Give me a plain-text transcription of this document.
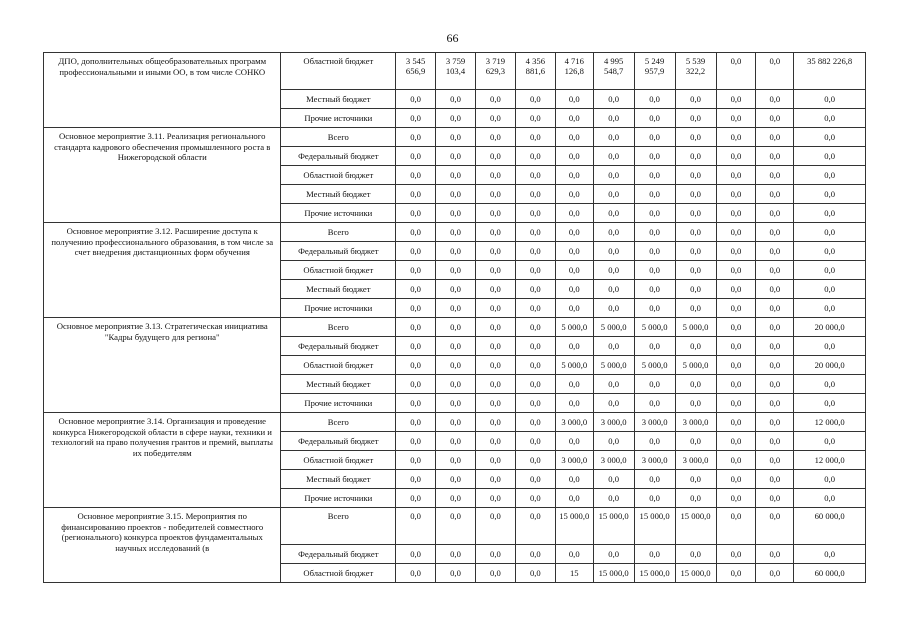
66
ДПО, дополнительных общеобразовательных программ профессиональными и иными ОО, в том числе СОНКО	Областной бюджет	3 545 656,9	3 759 103,4	3 719 629,3	4 356 881,6	4 716 126,8	4 995 548,7	5 249 957,9	5 539 322,2	0,0	0,0	35 882 226,8
	Местный бюджет	0,0	0,0	0,0	0,0	0,0	0,0	0,0	0,0	0,0	0,0	0,0
	Прочие источники	0,0	0,0	0,0	0,0	0,0	0,0	0,0	0,0	0,0	0,0	0,0
Основное мероприятие 3.11. Реализация регионального стандарта кадрового обеспечения промышленного роста в Нижегородской области	Всего	0,0	0,0	0,0	0,0	0,0	0,0	0,0	0,0	0,0	0,0	0,0
	Федеральный бюджет	0,0	0,0	0,0	0,0	0,0	0,0	0,0	0,0	0,0	0,0	0,0
	Областной бюджет	0,0	0,0	0,0	0,0	0,0	0,0	0,0	0,0	0,0	0,0	0,0
	Местный бюджет	0,0	0,0	0,0	0,0	0,0	0,0	0,0	0,0	0,0	0,0	0,0
	Прочие источники	0,0	0,0	0,0	0,0	0,0	0,0	0,0	0,0	0,0	0,0	0,0
Основное мероприятие 3.12. Расширение доступа к получению профессионального образования, в том числе за счет внедрения дистанционных форм обучения	Всего	0,0	0,0	0,0	0,0	0,0	0,0	0,0	0,0	0,0	0,0	0,0
	Федеральный бюджет	0,0	0,0	0,0	0,0	0,0	0,0	0,0	0,0	0,0	0,0	0,0
	Областной бюджет	0,0	0,0	0,0	0,0	0,0	0,0	0,0	0,0	0,0	0,0	0,0
	Местный бюджет	0,0	0,0	0,0	0,0	0,0	0,0	0,0	0,0	0,0	0,0	0,0
	Прочие источники	0,0	0,0	0,0	0,0	0,0	0,0	0,0	0,0	0,0	0,0	0,0
Основное мероприятие 3.13. Стратегическая инициатива "Кадры будущего для региона"	Всего	0,0	0,0	0,0	0,0	5 000,0	5 000,0	5 000,0	5 000,0	0,0	0,0	20 000,0
	Федеральный бюджет	0,0	0,0	0,0	0,0	0,0	0,0	0,0	0,0	0,0	0,0	0,0
	Областной бюджет	0,0	0,0	0,0	0,0	5 000,0	5 000,0	5 000,0	5 000,0	0,0	0,0	20 000,0
	Местный бюджет	0,0	0,0	0,0	0,0	0,0	0,0	0,0	0,0	0,0	0,0	0,0
	Прочие источники	0,0	0,0	0,0	0,0	0,0	0,0	0,0	0,0	0,0	0,0	0,0
Основное мероприятие 3.14. Организация и проведение конкурса Нижегородской области в сфере науки, техники и технологий на право получения грантов и премий, выплаты их победителям	Всего	0,0	0,0	0,0	0,0	3 000,0	3 000,0	3 000,0	3 000,0	0,0	0,0	12 000,0
	Федеральный бюджет	0,0	0,0	0,0	0,0	0,0	0,0	0,0	0,0	0,0	0,0	0,0
	Областной бюджет	0,0	0,0	0,0	0,0	3 000,0	3 000,0	3 000,0	3 000,0	0,0	0,0	12 000,0
	Местный бюджет	0,0	0,0	0,0	0,0	0,0	0,0	0,0	0,0	0,0	0,0	0,0
	Прочие источники	0,0	0,0	0,0	0,0	0,0	0,0	0,0	0,0	0,0	0,0	0,0
Основное мероприятие 3.15. Мероприятия по финансированию проектов - победителей совместного (регионального) конкурса проектов фундаментальных научных исследований (в	Всего	0,0	0,0	0,0	0,0	15 000,0	15 000,0	15 000,0	15 000,0	0,0	0,0	60 000,0
	Федеральный бюджет	0,0	0,0	0,0	0,0	0,0	0,0	0,0	0,0	0,0	0,0	0,0
	Областной бюджет	0,0	0,0	0,0	0,0	15	15 000,0	15 000,0	15 000,0	0,0	0,0	60 000,0
